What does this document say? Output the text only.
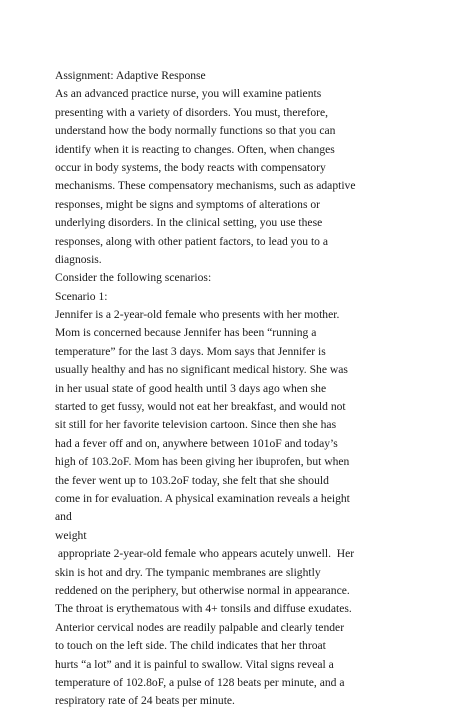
Assignment: Adaptive Response
As an advanced practice nurse, you will examine patients
presenting with a variety of disorders. You must, therefore,
understand how the body normally functions so that you can
identify when it is reacting to changes. Often, when changes
occur in body systems, the body reacts with compensatory
mechanisms. These compensatory mechanisms, such as adaptive
responses, might be signs and symptoms of alterations or
underlying disorders. In the clinical setting, you use these
responses, along with other patient factors, to lead you to a
diagnosis.
Consider the following scenarios:
Scenario 1:
Jennifer is a 2-year-old female who presents with her mother.
Mom is concerned because Jennifer has been “running a
temperature” for the last 3 days. Mom says that Jennifer is
usually healthy and has no significant medical history. She was
in her usual state of good health until 3 days ago when she
started to get fussy, would not eat her breakfast, and would not
sit still for her favorite television cartoon. Since then she has
had a fever off and on, anywhere between 101oF and today’s
high of 103.2oF. Mom has been giving her ibuprofen, but when
the fever went up to 103.2oF today, she felt that she should
come in for evaluation. A physical examination reveals a height
and
weight
appropriate 2-year-old female who appears acutely unwell.  Her
skin is hot and dry. The tympanic membranes are slightly
reddened on the periphery, but otherwise normal in appearance.
The throat is erythematous with 4+ tonsils and diffuse exudates.
Anterior cervical nodes are readily palpable and clearly tender
to touch on the left side. The child indicates that her throat
hurts “a lot” and it is painful to swallow. Vital signs reveal a
temperature of 102.8oF, a pulse of 128 beats per minute, and a
respiratory rate of 24 beats per minute.
